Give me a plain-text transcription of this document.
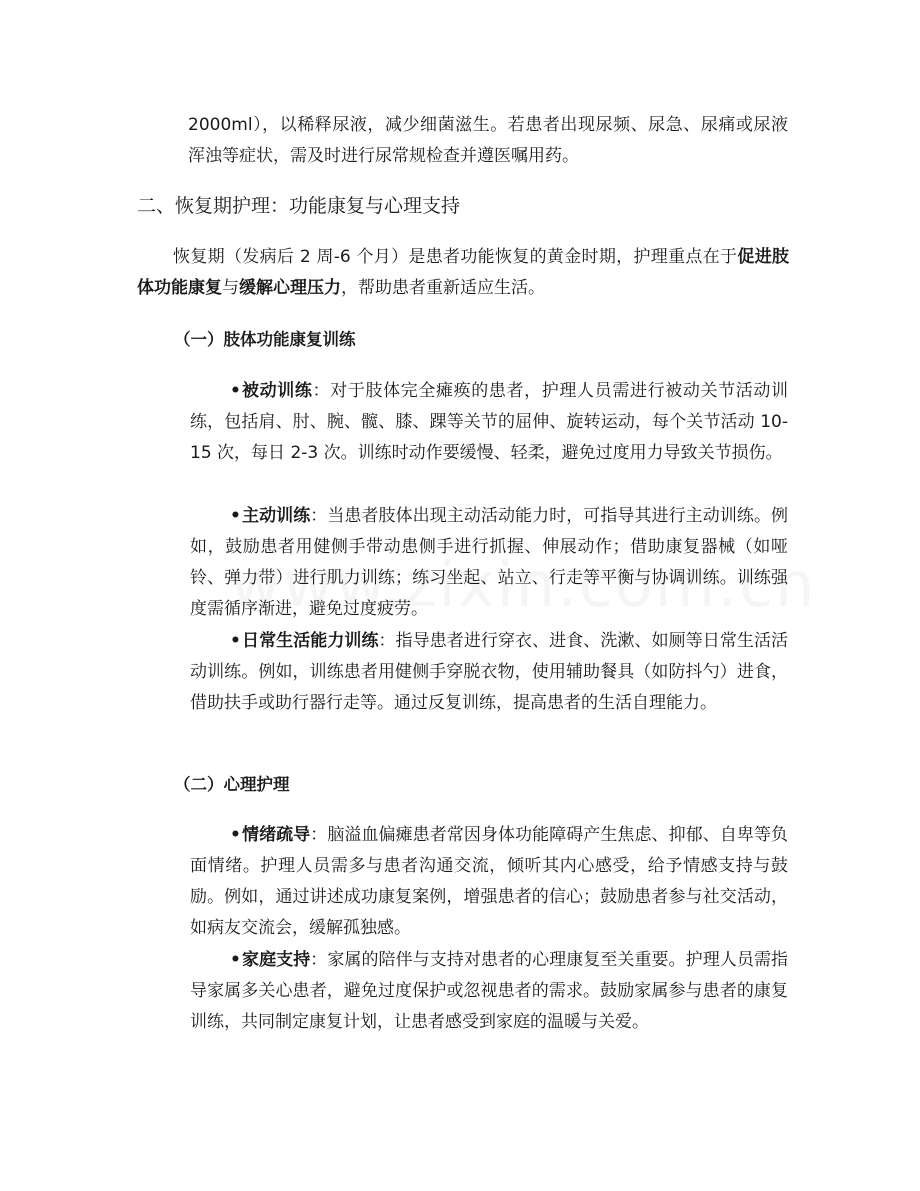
2000ml），以稀释尿液，减少细菌滋生。若患者出现尿频、尿急、尿痛或尿液浑浊等症状，需及时进行尿常规检查并遵医嘱用药。

二、恢复期护理：功能康复与心理支持

恢复期（发病后 2 周-6 个月）是患者功能恢复的黄金时期，护理重点在于促进肢体功能康复与缓解心理压力，帮助患者重新适应生活。

（一）肢体功能康复训练

• 被动训练：对于肢体完全瘫痪的患者，护理人员需进行被动关节活动训练，包括肩、肘、腕、髋、膝、踝等关节的屈伸、旋转运动，每个关节活动 10-15 次，每日 2-3 次。训练时动作要缓慢、轻柔，避免过度用力导致关节损伤。

• 主动训练：当患者肢体出现主动活动能力时，可指导其进行主动训练。例如，鼓励患者用健侧手带动患侧手进行抓握、伸展动作；借助康复器械（如哑铃、弹力带）进行肌力训练；练习坐起、站立、行走等平衡与协调训练。训练强度需循序渐进，避免过度疲劳。

• 日常生活能力训练：指导患者进行穿衣、进食、洗漱、如厕等日常生活活动训练。例如，训练患者用健侧手穿脱衣物，使用辅助餐具（如防抖勺）进食，借助扶手或助行器行走等。通过反复训练，提高患者的生活自理能力。

（二）心理护理

• 情绪疏导：脑溢血偏瘫患者常因身体功能障碍产生焦虑、抑郁、自卑等负面情绪。护理人员需多与患者沟通交流，倾听其内心感受，给予情感支持与鼓励。例如，通过讲述成功康复案例，增强患者的信心；鼓励患者参与社交活动，如病友交流会，缓解孤独感。

• 家庭支持：家属的陪伴与支持对患者的心理康复至关重要。护理人员需指导家属多关心患者，避免过度保护或忽视患者的需求。鼓励家属参与患者的康复训练，共同制定康复计划，让患者感受到家庭的温暖与关爱。
